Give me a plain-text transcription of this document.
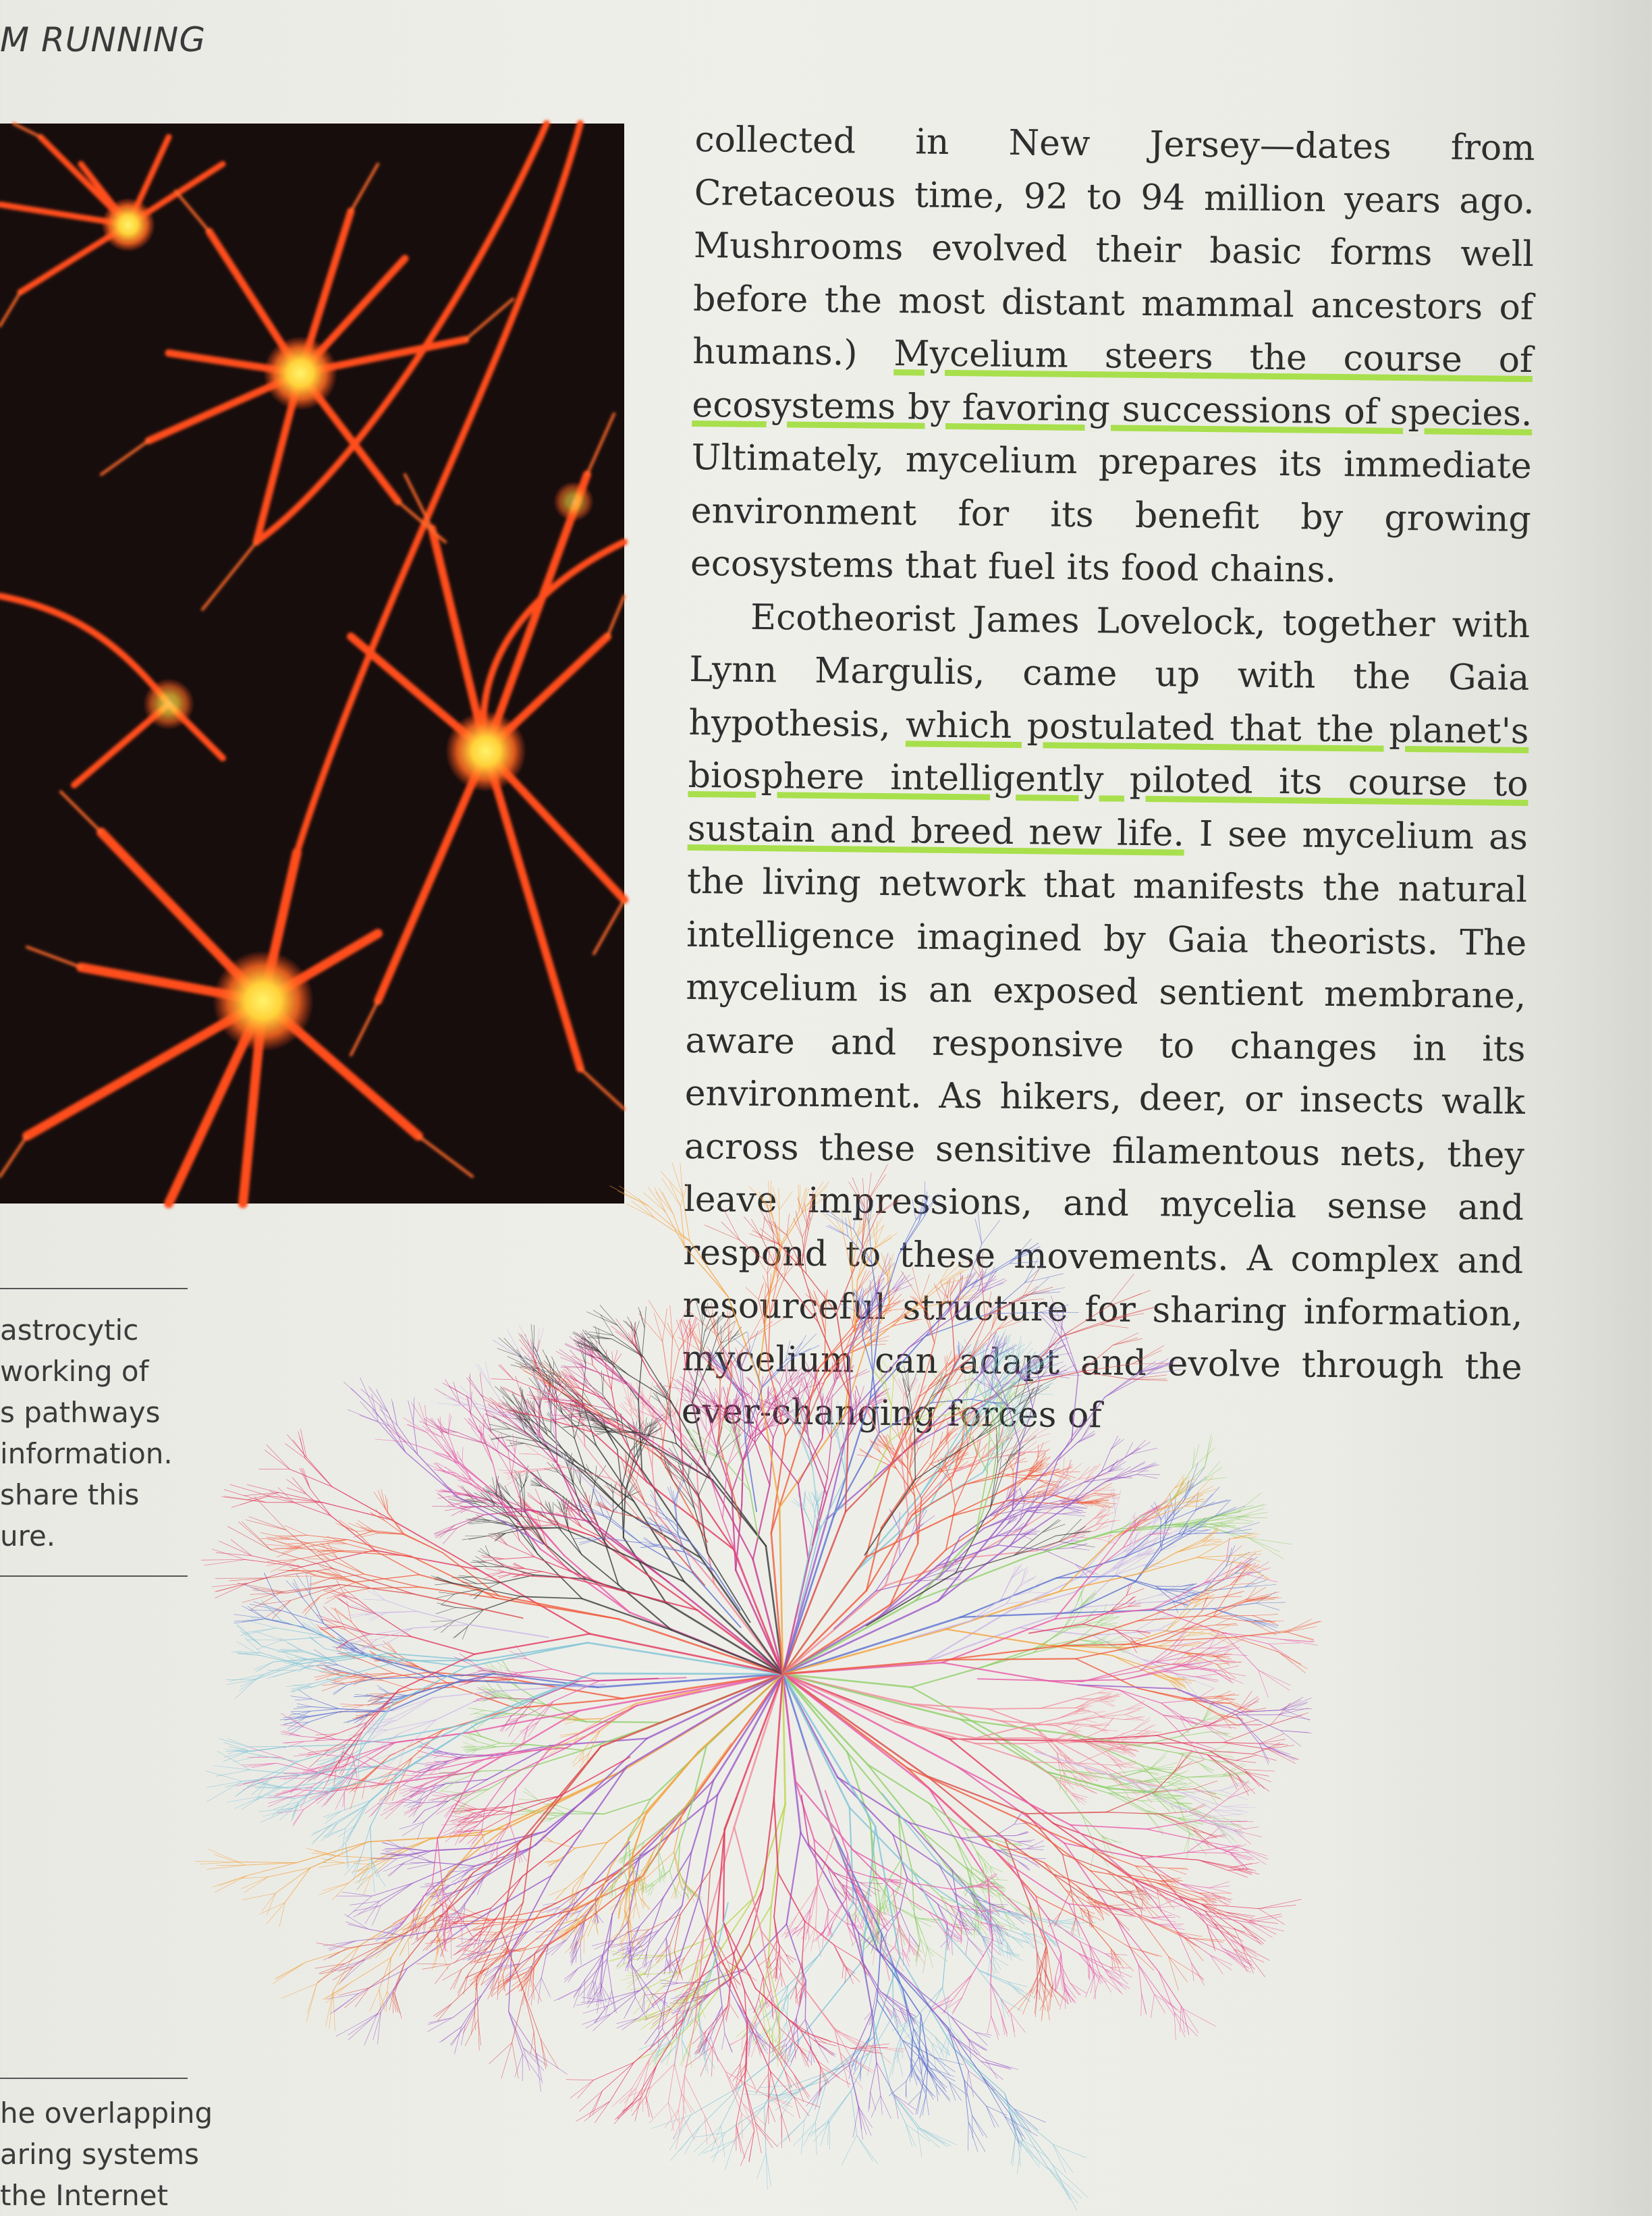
M RUNNING

collected in New Jersey—dates from Cretaceous time, 92 to 94 million years ago. Mushrooms evolved their basic forms well before the most distant mammal ancestors of humans.) Mycelium steers the course of ecosystems by favoring successions of species. Ultimately, mycelium prepares its immediate environment for its benefit by growing ecosystems that fuel its food chains.

Ecotheorist James Lovelock, together with Lynn Margulis, came up with the Gaia hypothesis, which postulated that the planet's biosphere intelligently piloted its course to sustain and breed new life. I see mycelium as the living network that manifests the natural intelligence imagined by Gaia theorists. The mycelium is an exposed sentient membrane, aware and responsive to changes in its environment. As hikers, deer, or insects walk across these sensitive filamentous nets, they leave impressions, and mycelia sense and respond to these movements. A complex and resourceful structure for sharing information, mycelium can adapt and evolve through the ever-changing forces of

astrocytic
working of
s pathways
information.
share this
ure.
he overlapping
aring systems
the Internet
